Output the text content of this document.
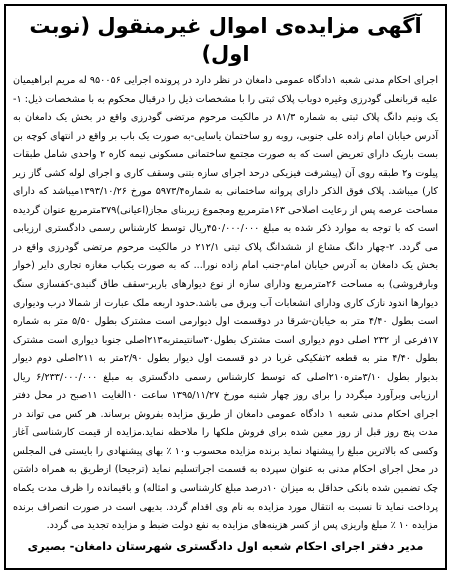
آگهی مزایده‌ی اموال غیرمنقول (نوبت اول)

اجرای احکام مدنی شعبه ۱دادگاه عمومی دامغان در نظر دارد در پرونده اجرایی ۹۵۰۰۵۶ له مریم ابراهیمیان علیه قربانعلی گودرزی وغیره دوباب پلاک ثبتی را با مشخصات ذیل را درقبال محکوم به با مشخصات ذیل: ۱-یک ونیم دانگ پلاک ثبتی به شماره ۸۱/۳ در مالکیت مرحوم مرتضی گودرزی واقع در بخش یک دامغان به آدرس خیابان امام زاده علی جنوبی، روبه رو ساختمان یاسایی-به صورت یک باب بر واقع در انتهای کوچه بن بست باریک دارای تعریض است که به صورت مجتمع ساختمانی مسکونی نیمه کاره ۲ واحدی شامل طبقات پیلوت و۲ طبقه روی آن (پیشرفت فیزیکی درحد اجرای سازه بتنی وسقف کاری و اجرای لوله کشی گاز زیر کار) میباشد. پلاک فوق الذکر دارای پروانه ساختمانی به شماره۵۹۷۳/۴ مورخ ۱۳۹۳/۱۰/۲۶میباشد که دارای مساحت عرصه پس از رعایت اصلاحی ۱۶۳مترمربع ومجموع زیربنای مجاز(اعیانی)۳۷۹مترمربع عنوان گردیده است که با توجه به موارد ذکر شده به مبلغ ۴۵۰/۰۰۰/۰۰۰ریال توسط کارشناس رسمی دادگستری ارزیابی می گردد. ۲-چهار دانگ مشاع از ششدانگ پلاک ثبتی ۲۱۲/۱ در مالکیت مرحوم مرتضی گودرزی واقع در بخش یک دامغان به آدرس خیابان امام-جنب امام زاده نورا... که به صورت یکباب مغازه تجاری دایر (خوار وبارفروشی) به مساحت ۲۶مترمربع ودارای سازه از نوع دیوارهای باربر-سقف طاق گنبدی-کفسازی سنگ دیوارها اندود نازک کاری ودارای انشعابات آب وبرق می باشد.حدود اربعه ملک عبارت از شمالا درب ودیواری است بطول ۴/۴۰ متر به خیابان-شرقا در دوقسمت اول دیوارمی است مشترک بطول ۵/۵۰ متر به شماره ۱۷فرعی از ۲۳۲ اصلی دوم دیواری است مشترک بطول۳۰سانتیمتربه۲۱۳اصلی جنوبا دیواری است مشترک بطول ۴/۴۰ متر به قطعه ۲تفکیکی غربا در دو قسمت اول دیوار بطول ۲/۹۰متر به ۲۱۱اصلی دوم دیوار بدیوار بطول ۳/۱۰متره۲۱۰اصلی که توسط کارشناس رسمی دادگستری به مبلغ ۶/۲۳۳/۰۰۰/۰۰۰ ریال ارزیابی وبرآورد میگردد را برای روز چهار شنبه مورخ ۱۳۹۵/۱۱/۲۷ ساعت ۱۰الغایت ۱۱صبح در محل دفتر اجرای احکام مدنی شعبه ۱ دادگاه عمومی دامغان از طریق مزایده بفروش برساند. هر کس می تواند در مدت پنج روز قبل از روز معین شده برای فروش ملکها را ملاحظه نماید.مزایده از قیمت کارشناسی آغاز وکسی که بالاترین مبلغ را پیشنهاد نماید برنده مزایده محسوب و۱۰ ٪ بهای پیشنهادی را بایستی فی المجلس در محل اجرای احکام مدنی به عنوان سپرده به قسمت اجراتسلیم نماید (ترجیحا) ازطریق به همراه داشتن چک تضمین شده بانکی حداقل به میزان ۱۰درصد مبلغ کارشناسی و امثاله) و باقیمانده را ظرف مدت یکماه پرداخت نماید تا نسبت به انتقال مورد مزایده به نام وی اقدام گردد. بدیهی است در صورت انصراف برنده مزایده ۱۰ ٪ مبلغ واریزی پس از کسر هزینه‌های مزایده به نفع دولت ضبط و مزایده تجدید می گردد.

مدیر دفتر اجرای احکام شعبه اول دادگستری شهرستان دامغان- بصیری
